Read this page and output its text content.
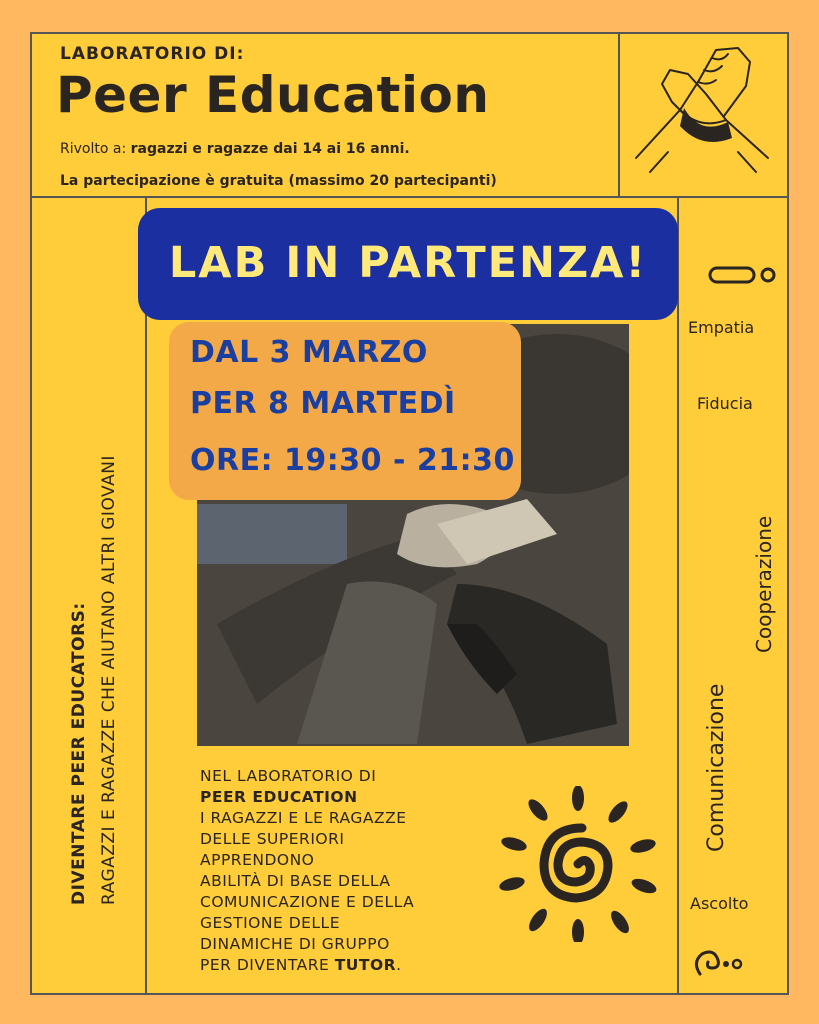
LABORATORIO DI:
Peer Education
Rivolto a: ragazzi e ragazze dai 14 ai 16 anni.
La partecipazione è gratuita (massimo 20 partecipanti)
LAB IN PARTENZA!
DAL 3 MARZO
PER 8 MARTEDÌ
ORE: 19:30 - 21:30
DIVENTARE PEER EDUCATORS: RAGAZZI E RAGAZZE CHE AIUTANO ALTRI GIOVANI
Empatia
Fiducia
Cooperazione
Comunicazione
Ascolto
NEL LABORATORIO DI
PEER EDUCATION
I RAGAZZI E LE RAGAZZE
DELLE SUPERIORI
APPRENDONO
ABILITÀ DI BASE DELLA
COMUNICAZIONE E DELLA
GESTIONE DELLE
DINAMICHE DI GRUPPO
PER DIVENTARE TUTOR.
